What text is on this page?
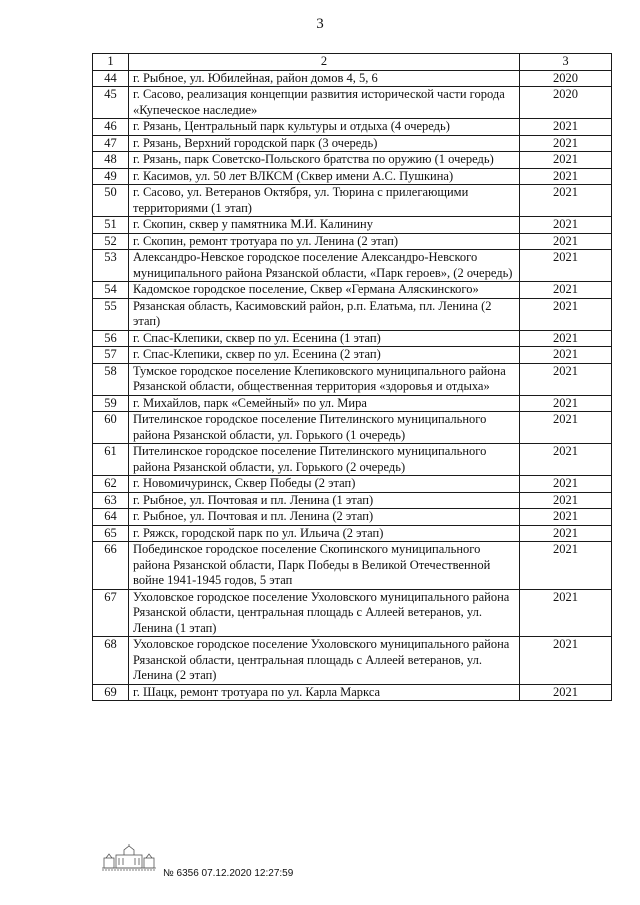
3
1	2	3
44	г. Рыбное, ул. Юбилейная, район домов 4, 5, 6	2020
45	г. Сасово, реализация концепции развития исторической части города «Купеческое наследие»	2020
46	г. Рязань, Центральный парк культуры и отдыха (4 очередь)	2021
47	г. Рязань, Верхний городской парк (3 очередь)	2021
48	г. Рязань, парк Советско-Польского братства по оружию (1 очередь)	2021
49	г. Касимов, ул. 50 лет ВЛКСМ (Сквер имени А.С. Пушкина)	2021
50	г. Сасово, ул. Ветеранов Октября, ул. Тюрина с прилегающими территориями (1 этап)	2021
51	г. Скопин, сквер у памятника М.И. Калинину	2021
52	г. Скопин, ремонт тротуара по ул. Ленина (2 этап)	2021
53	Александро-Невское городское поселение Александро-Невского муниципального района Рязанской области, «Парк героев», (2 очередь)	2021
54	Кадомское городское поселение, Сквер «Германа Аляскинского»	2021
55	Рязанская область, Касимовский район, р.п. Елатьма, пл. Ленина (2 этап)	2021
56	г. Спас-Клепики, сквер по ул. Есенина (1 этап)	2021
57	г. Спас-Клепики, сквер по ул. Есенина (2 этап)	2021
58	Тумское городское поселение Клепиковского муниципального района Рязанской области, общественная территория «здоровья и отдыха»	2021
59	г. Михайлов, парк «Семейный» по ул. Мира	2021
60	Пителинское городское поселение Пителинского муниципального района Рязанской области, ул. Горького (1 очередь)	2021
61	Пителинское городское поселение Пителинского муниципального района Рязанской области, ул. Горького (2 очередь)	2021
62	г. Новомичуринск, Сквер Победы (2 этап)	2021
63	г. Рыбное, ул. Почтовая и пл. Ленина (1 этап)	2021
64	г. Рыбное, ул. Почтовая и пл. Ленина (2 этап)	2021
65	г. Ряжск, городской парк по ул. Ильича (2 этап)	2021
66	Побединское городское поселение Скопинского муниципального района Рязанской области, Парк Победы в Великой Отечественной войне 1941-1945 годов, 5 этап	2021
67	Ухоловское городское поселение Ухоловского муниципального района Рязанской области, центральная площадь с Аллеей ветеранов, ул. Ленина (1 этап)	2021
68	Ухоловское городское поселение Ухоловского муниципального района Рязанской области, центральная площадь с Аллеей ветеранов, ул. Ленина (2 этап)	2021
69	г. Шацк, ремонт тротуара по ул. Карла Маркса	2021
№ 6356 07.12.2020 12:27:59
